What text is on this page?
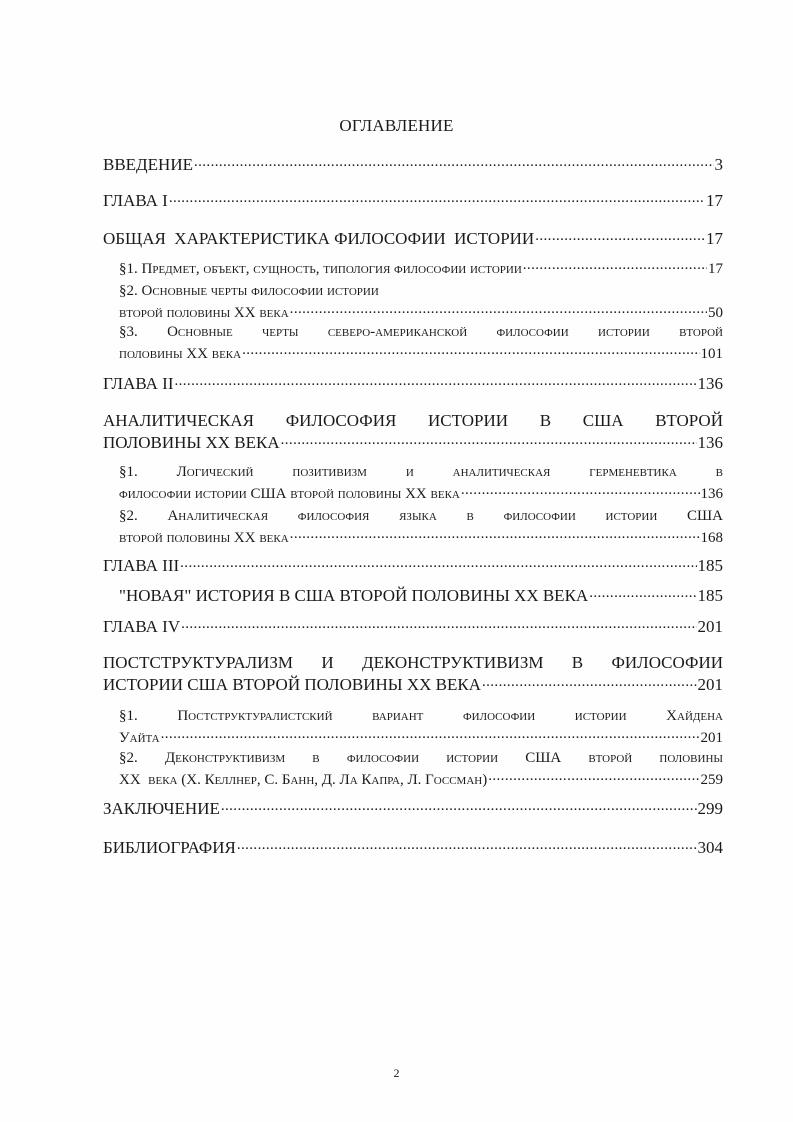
ОГЛАВЛЕНИЕ
ВВЕДЕНИЕ .....	3
ГЛАВА I .....	17
ОБЩАЯ  ХАРАКТЕРИСТИКА ФИЛОСОФИИ  ИСТОРИИ .....	17
§1. Предмет, объект, сущность, типология философии истории .....	17
§2. Основные черты философии истории
второй половины XX века .....	50
§3. Основные черты северо-американской философии истории второй
половины XX века .....	101
ГЛАВА II .....	136
АНАЛИТИЧЕСКАЯ ФИЛОСОФИЯ ИСТОРИИ В США ВТОРОЙ
ПОЛОВИНЫ XX ВЕКА .....	136
§1. Логический позитивизм и аналитическая герменевтика в
философии истории США второй половины XX века .....	136
§2. Аналитическая философия языка в философии истории США
второй половины XX века .....	168
ГЛАВА III .....	185
"НОВАЯ" ИСТОРИЯ В США ВТОРОЙ ПОЛОВИНЫ XX ВЕКА .....	185
ГЛАВА IV .....	201
ПОСТСТРУКТУРАЛИЗМ И ДЕКОНСТРУКТИВИЗМ В ФИЛОСОФИИ
ИСТОРИИ США ВТОРОЙ ПОЛОВИНЫ XX ВЕКА .....	201
§1. Постструктуралистский вариант философии истории Хайдена
Уайта .....	201
§2. Деконструктивизм в философии истории США второй половины
XX  века (Х. Келлнер, С. Банн, Д. Ла Капра, Л. Госсман) .....	259
ЗАКЛЮЧЕНИЕ .....	299
БИБЛИОГРАФИЯ .....	304
2
